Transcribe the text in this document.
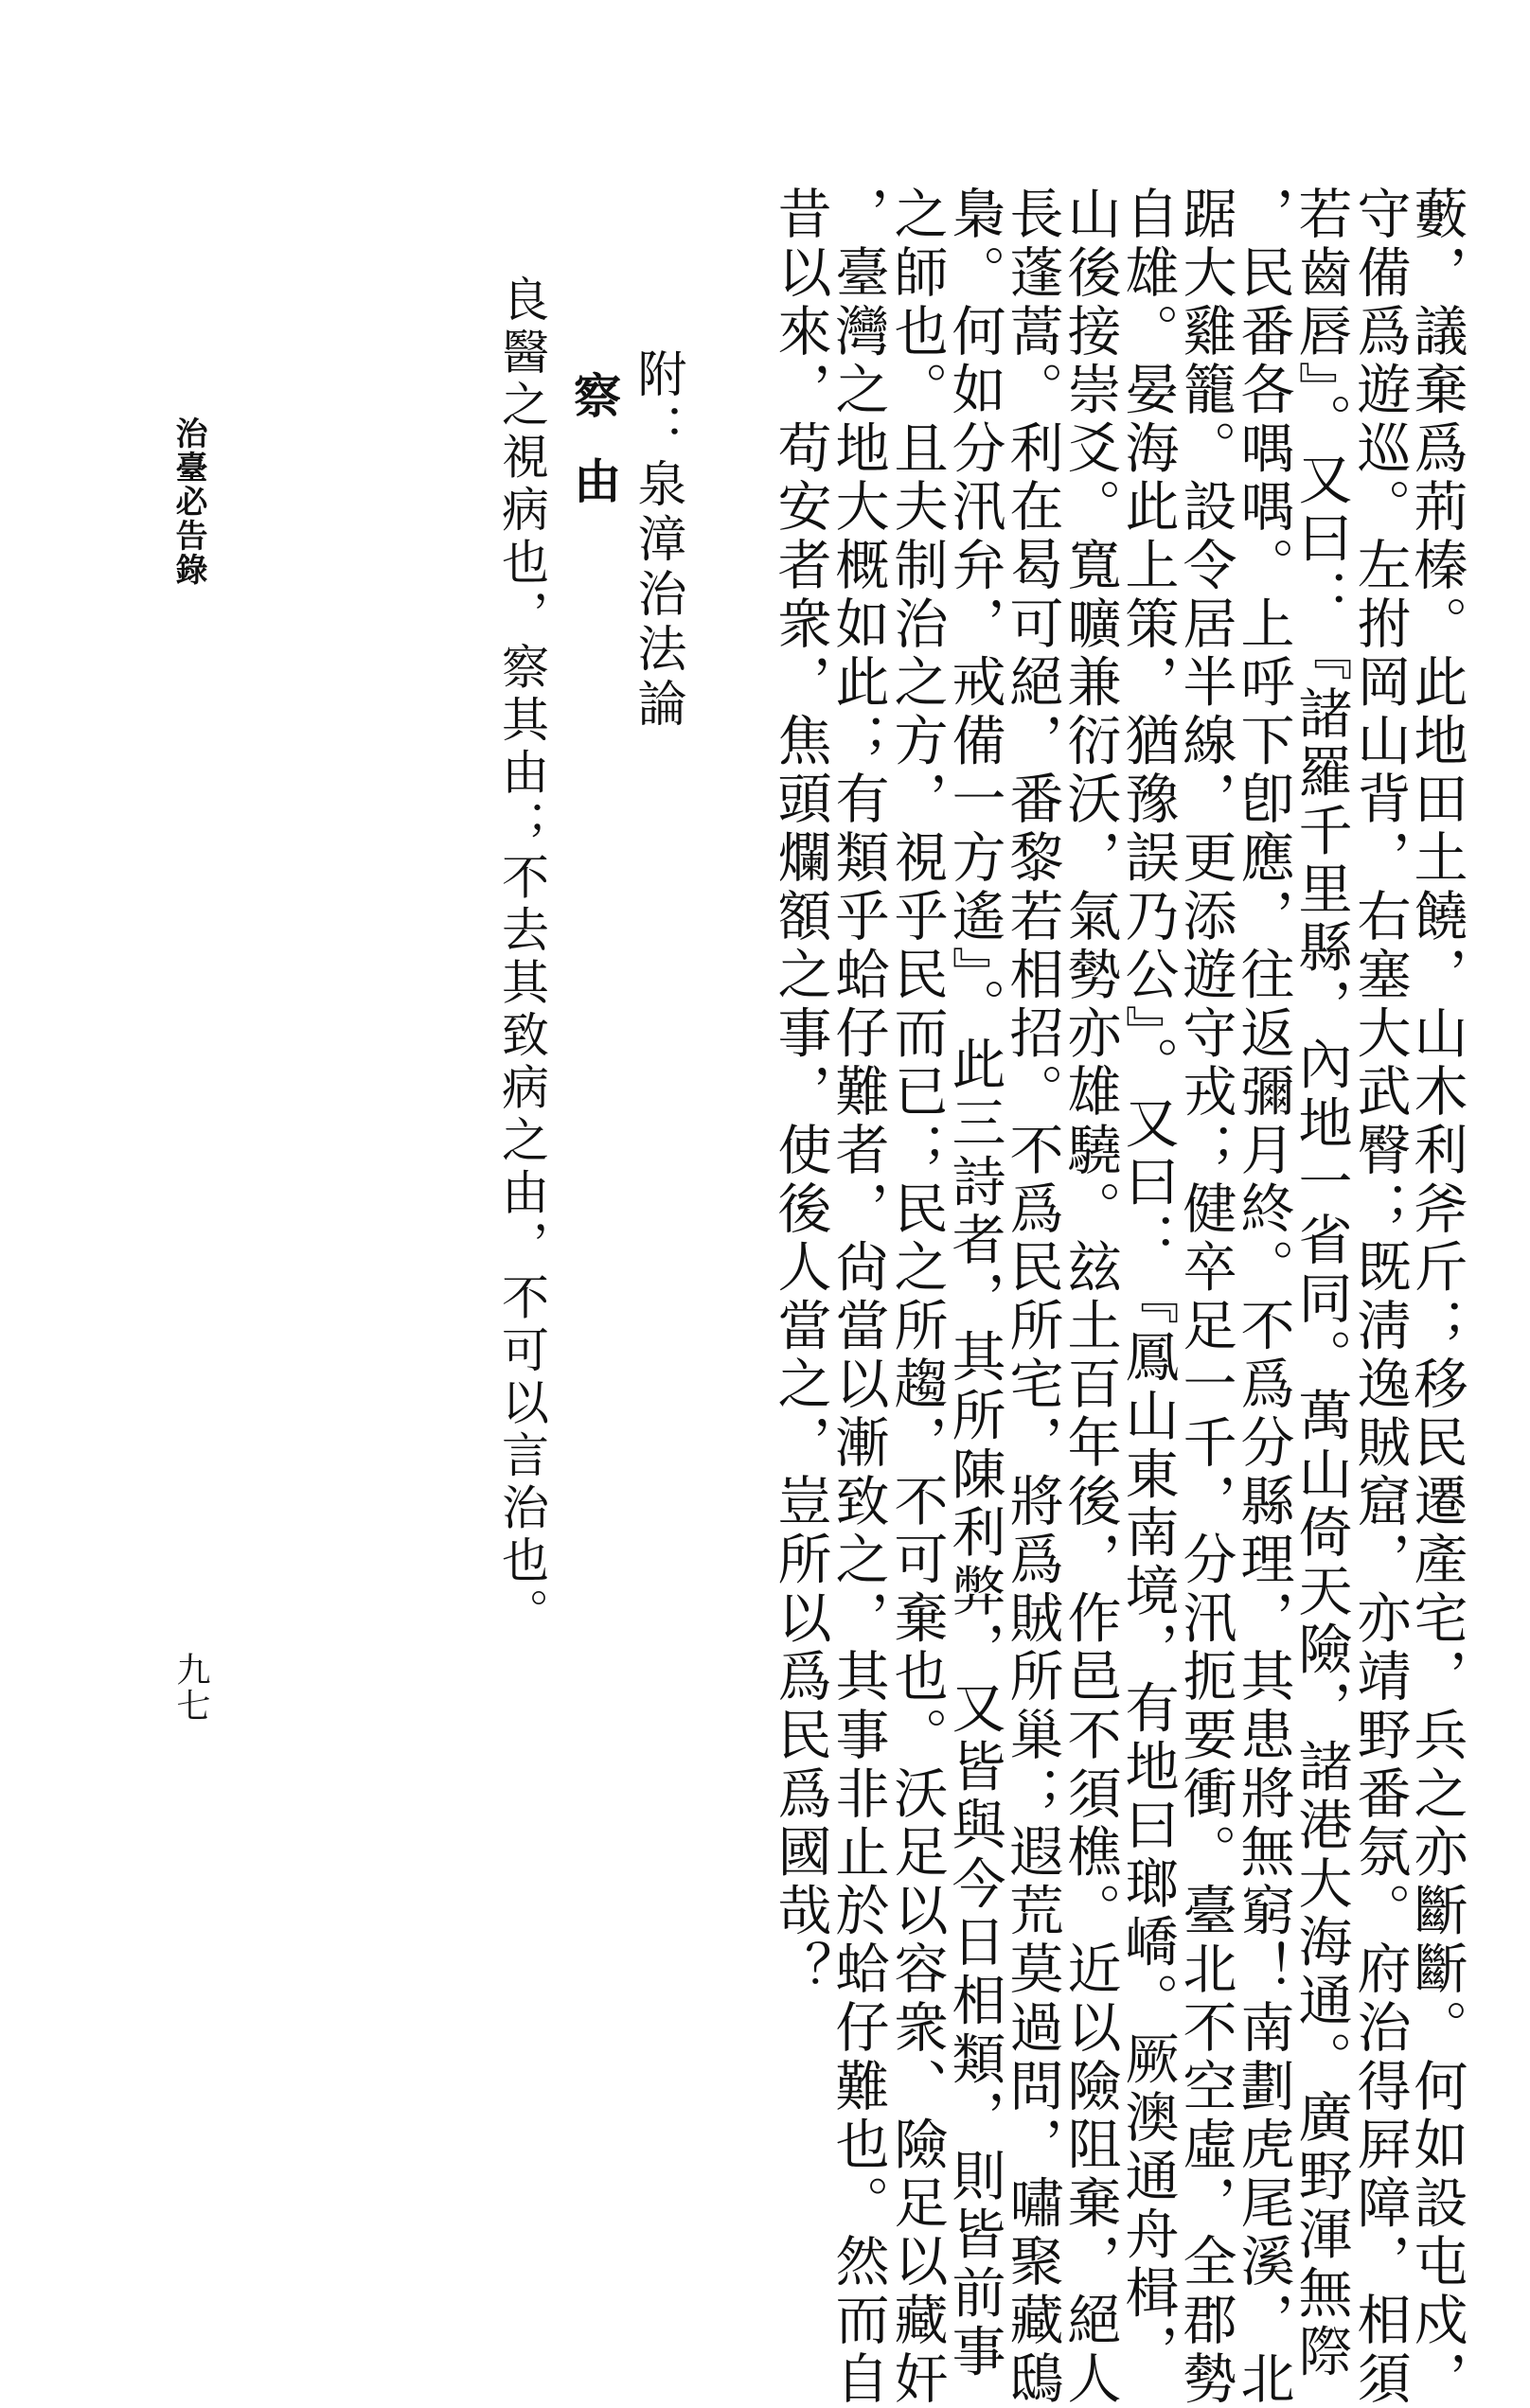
藪，議棄爲荊榛。此地田土饒，山木利斧斤；移民遷產宅，兵之亦斷斷。何如設屯戍，
守備爲遊巡。左拊岡山背，右塞大武臀；既淸逸賊窟，亦靖野番氛。府治得屛障，相須
若齒唇』。又曰：『諸羅千里縣，內地一省同。萬山倚天險，諸港大海通。廣野渾無際
，民番各喁喁。上呼下卽應，往返彌月終。不爲分縣理，其患將無窮！南劃虎尾溪，北
踞大雞籠。設令居半線，更添遊守戎；健卒足一千，分汛扼要衝。臺北不空虛，全郡勢
自雄。晏海此上策，猶豫誤乃公』。又曰：『鳳山東南境，有地曰瑯嶠。厥澳通舟楫，
山後接崇爻。寬曠兼衍沃，氣勢亦雄驍。玆土百年後，作邑不須樵。近以險阻棄，絕人
長蓬蒿。利在曷可絕，番黎若相招。不爲民所宅，將爲賊所巢；遐荒莫過問，嘯聚藏鴟
梟。何如分汛弁，戒備一方遙』。此三詩者，其所陳利弊，又皆與今日相類，則皆前事
之師也。且夫制治之方，視乎民而已；民之所趨，不可棄也。沃足以容衆、險足以藏奸
，臺灣之地大概如此；有類乎蛤仔難者，尙當以漸致之，其事非止於蛤仔難也。然而自
昔以來，苟安者衆，焦頭爛額之事，使後人當之，豈所以爲民爲國哉？
附：泉漳治法論
察由
良醫之視病也，察其由；不去其致病之由，不可以言治也。
治臺必告錄
九七
